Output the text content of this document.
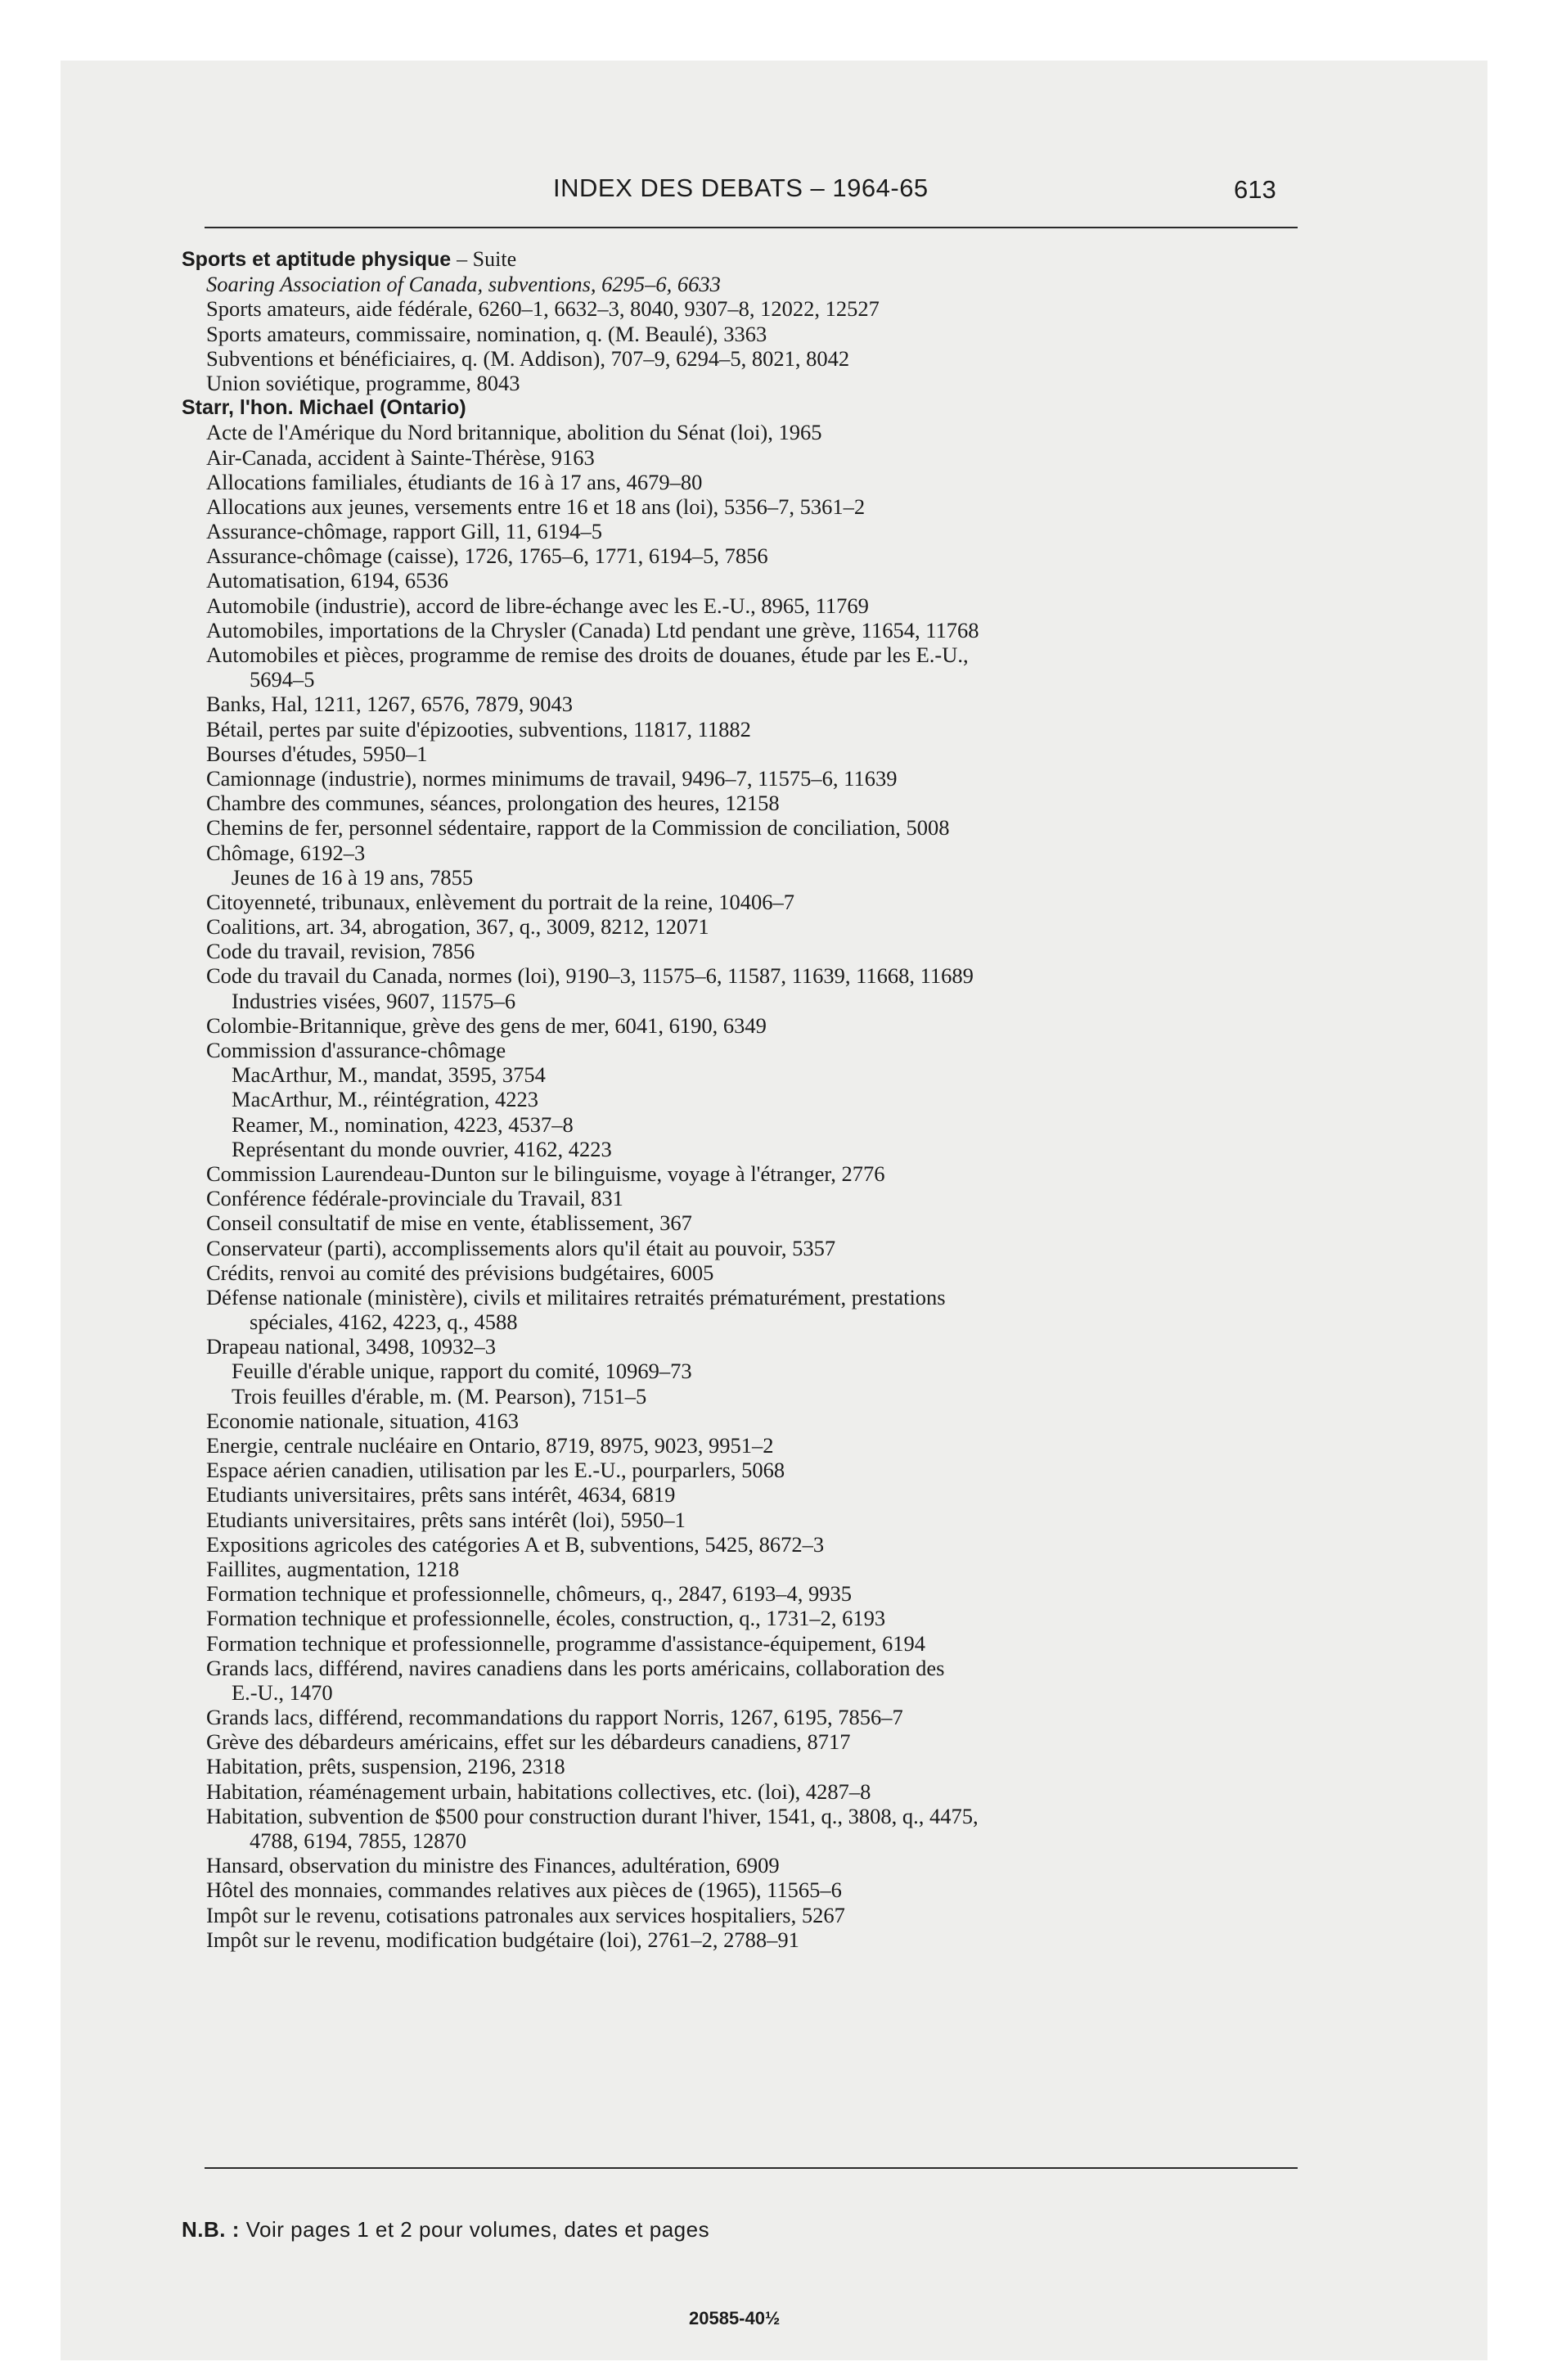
INDEX DES DEBATS – 1964-65	613
Sports et aptitude physique – Suite
Soaring Association of Canada, subventions, 6295–6, 6633
Sports amateurs, aide fédérale, 6260–1, 6632–3, 8040, 9307–8, 12022, 12527
Sports amateurs, commissaire, nomination, q. (M. Beaulé), 3363
Subventions et bénéficiaires, q. (M. Addison), 707–9, 6294–5, 8021, 8042
Union soviétique, programme, 8043
Starr, l'hon. Michael (Ontario)
Acte de l'Amérique du Nord britannique, abolition du Sénat (loi), 1965
Air-Canada, accident à Sainte-Thérèse, 9163
Allocations familiales, étudiants de 16 à 17 ans, 4679–80
Allocations aux jeunes, versements entre 16 et 18 ans (loi), 5356–7, 5361–2
Assurance-chômage, rapport Gill, 11, 6194–5
Assurance-chômage (caisse), 1726, 1765–6, 1771, 6194–5, 7856
Automatisation, 6194, 6536
Automobile (industrie), accord de libre-échange avec les E.-U., 8965, 11769
Automobiles, importations de la Chrysler (Canada) Ltd pendant une grève, 11654, 11768
Automobiles et pièces, programme de remise des droits de douanes, étude par les E.-U.,
5694–5
Banks, Hal, 1211, 1267, 6576, 7879, 9043
Bétail, pertes par suite d'épizooties, subventions, 11817, 11882
Bourses d'études, 5950–1
Camionnage (industrie), normes minimums de travail, 9496–7, 11575–6, 11639
Chambre des communes, séances, prolongation des heures, 12158
Chemins de fer, personnel sédentaire, rapport de la Commission de conciliation, 5008
Chômage, 6192–3
Jeunes de 16 à 19 ans, 7855
Citoyenneté, tribunaux, enlèvement du portrait de la reine, 10406–7
Coalitions, art. 34, abrogation, 367, q., 3009, 8212, 12071
Code du travail, revision, 7856
Code du travail du Canada, normes (loi), 9190–3, 11575–6, 11587, 11639, 11668, 11689
Industries visées, 9607, 11575–6
Colombie-Britannique, grève des gens de mer, 6041, 6190, 6349
Commission d'assurance-chômage
MacArthur, M., mandat, 3595, 3754
MacArthur, M., réintégration, 4223
Reamer, M., nomination, 4223, 4537–8
Représentant du monde ouvrier, 4162, 4223
Commission Laurendeau-Dunton sur le bilinguisme, voyage à l'étranger, 2776
Conférence fédérale-provinciale du Travail, 831
Conseil consultatif de mise en vente, établissement, 367
Conservateur (parti), accomplissements alors qu'il était au pouvoir, 5357
Crédits, renvoi au comité des prévisions budgétaires, 6005
Défense nationale (ministère), civils et militaires retraités prématurément, prestations
spéciales, 4162, 4223, q., 4588
Drapeau national, 3498, 10932–3
Feuille d'érable unique, rapport du comité, 10969–73
Trois feuilles d'érable, m. (M. Pearson), 7151–5
Economie nationale, situation, 4163
Energie, centrale nucléaire en Ontario, 8719, 8975, 9023, 9951–2
Espace aérien canadien, utilisation par les E.-U., pourparlers, 5068
Etudiants universitaires, prêts sans intérêt, 4634, 6819
Etudiants universitaires, prêts sans intérêt (loi), 5950–1
Expositions agricoles des catégories A et B, subventions, 5425, 8672–3
Faillites, augmentation, 1218
Formation technique et professionnelle, chômeurs, q., 2847, 6193–4, 9935
Formation technique et professionnelle, écoles, construction, q., 1731–2, 6193
Formation technique et professionnelle, programme d'assistance-équipement, 6194
Grands lacs, différend, navires canadiens dans les ports américains, collaboration des
E.-U., 1470
Grands lacs, différend, recommandations du rapport Norris, 1267, 6195, 7856–7
Grève des débardeurs américains, effet sur les débardeurs canadiens, 8717
Habitation, prêts, suspension, 2196, 2318
Habitation, réaménagement urbain, habitations collectives, etc. (loi), 4287–8
Habitation, subvention de $500 pour construction durant l'hiver, 1541, q., 3808, q., 4475,
4788, 6194, 7855, 12870
Hansard, observation du ministre des Finances, adultération, 6909
Hôtel des monnaies, commandes relatives aux pièces de (1965), 11565–6
Impôt sur le revenu, cotisations patronales aux services hospitaliers, 5267
Impôt sur le revenu, modification budgétaire (loi), 2761–2, 2788–91
N.B. : Voir pages 1 et 2 pour volumes, dates et pages
20585-40½
